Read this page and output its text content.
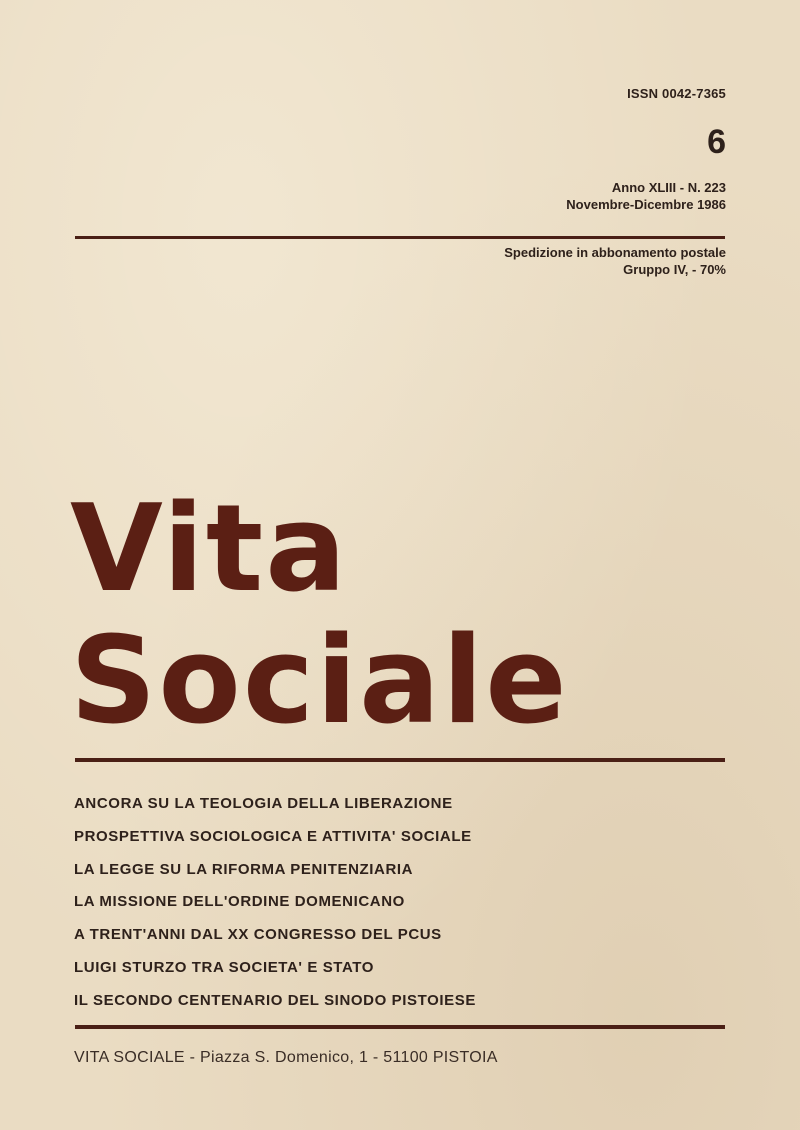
ISSN 0042-7365
6
Anno XLIII - N. 223
Novembre-Dicembre 1986
Spedizione in abbonamento postale
Gruppo IV, - 70%
Vita
Sociale
ANCORA SU LA TEOLOGIA DELLA LIBERAZIONE
PROSPETTIVA SOCIOLOGICA E ATTIVITA' SOCIALE
LA LEGGE SU LA RIFORMA PENITENZIARIA
LA MISSIONE DELL'ORDINE DOMENICANO
A TRENT'ANNI DAL XX CONGRESSO DEL PCUS
LUIGI STURZO TRA SOCIETA' E STATO
IL SECONDO CENTENARIO DEL SINODO PISTOIESE
VITA SOCIALE - Piazza S. Domenico, 1 - 51100 PISTOIA
